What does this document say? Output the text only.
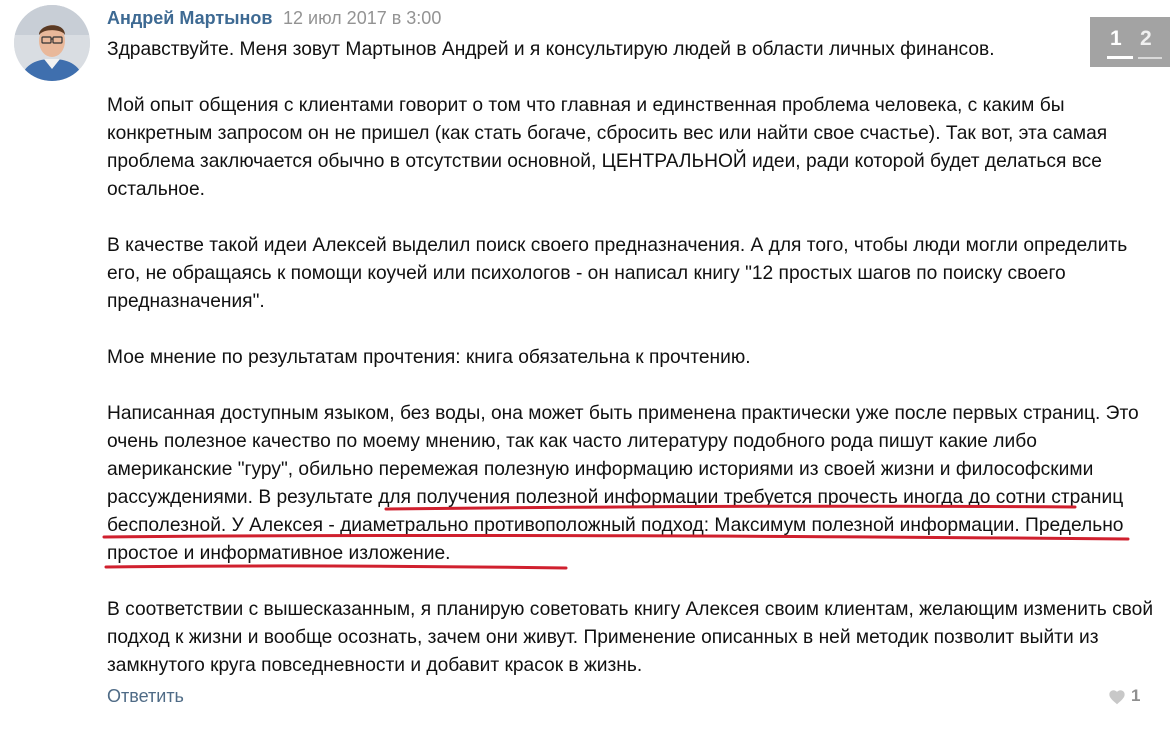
Андрей Мартынов 12 июл 2017 в 3:00
1 2

Здравствуйте. Меня зовут Мартынов Андрей и я консультирую людей в области личных финансов.

Мой опыт общения с клиентами говорит о том что главная и единственная проблема человека, с каким бы конкретным запросом он не пришел (как стать богаче, сбросить вес или найти свое счастье). Так вот, эта самая проблема заключается обычно в отсутствии основной, ЦЕНТРАЛЬНОЙ идеи, ради которой будет делаться все остальное.

В качестве такой идеи Алексей выделил поиск своего предназначения. А для того, чтобы люди могли определить его, не обращаясь к помощи коучей или психологов - он написал книгу "12 простых шагов по поиску своего предназначения".

Мое мнение по результатам прочтения: книга обязательна к прочтению.

Написанная доступным языком, без воды, она может быть применена практически уже после первых страниц. Это очень полезное качество по моему мнению, так как часто литературу подобного рода пишут какие либо американские "гуру", обильно перемежая полезную информацию историями из своей жизни и философскими рассуждениями. В результате для получения полезной информации требуется прочесть иногда до сотни страниц бесполезной. У Алексея - диаметрально противоположный подход: Максимум полезной информации. Предельно простое и информативное изложение.

В соответствии с вышесказанным, я планирую советовать книгу Алексея своим клиентам, желающим изменить свой подход к жизни и вообще осознать, зачем они живут. Применение описанных в ней методик позволит выйти из замкнутого круга повседневности и добавит красок в жизнь.

Ответить	1
